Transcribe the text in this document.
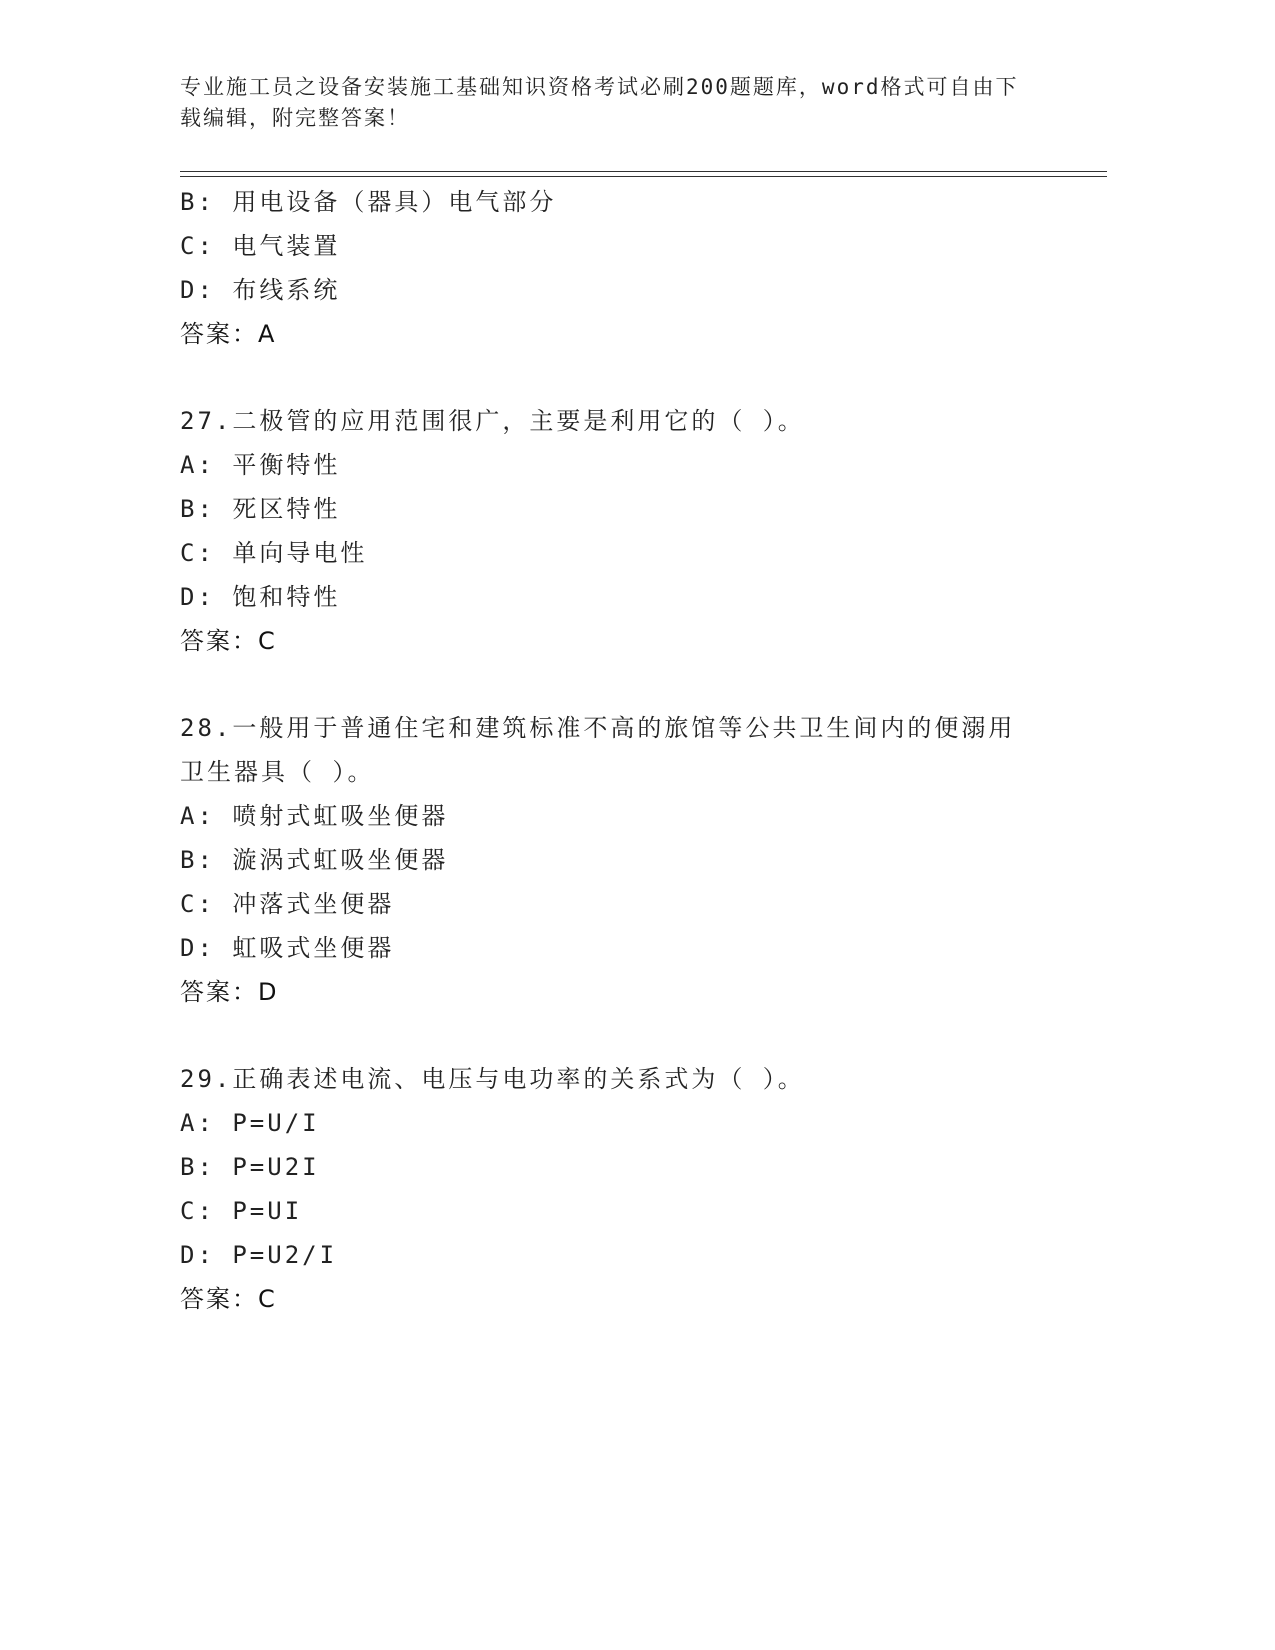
专业施工员之设备安装施工基础知识资格考试必刷200题题库，word格式可自由下载编辑，附完整答案！
B: 用电设备（器具）电气部分
C: 电气装置
D: 布线系统
答案：A
27.二极管的应用范围很广，主要是利用它的（ ）。
A: 平衡特性
B: 死区特性
C: 单向导电性
D: 饱和特性
答案：C
28.一般用于普通住宅和建筑标准不高的旅馆等公共卫生间内的便溺用卫生器具（ ）。
A: 喷射式虹吸坐便器
B: 漩涡式虹吸坐便器
C: 冲落式坐便器
D: 虹吸式坐便器
答案：D
29.正确表述电流、电压与电功率的关系式为（ ）。
A: P=U/I
B: P=U2I
C: P=UI
D: P=U2/I
答案：C
